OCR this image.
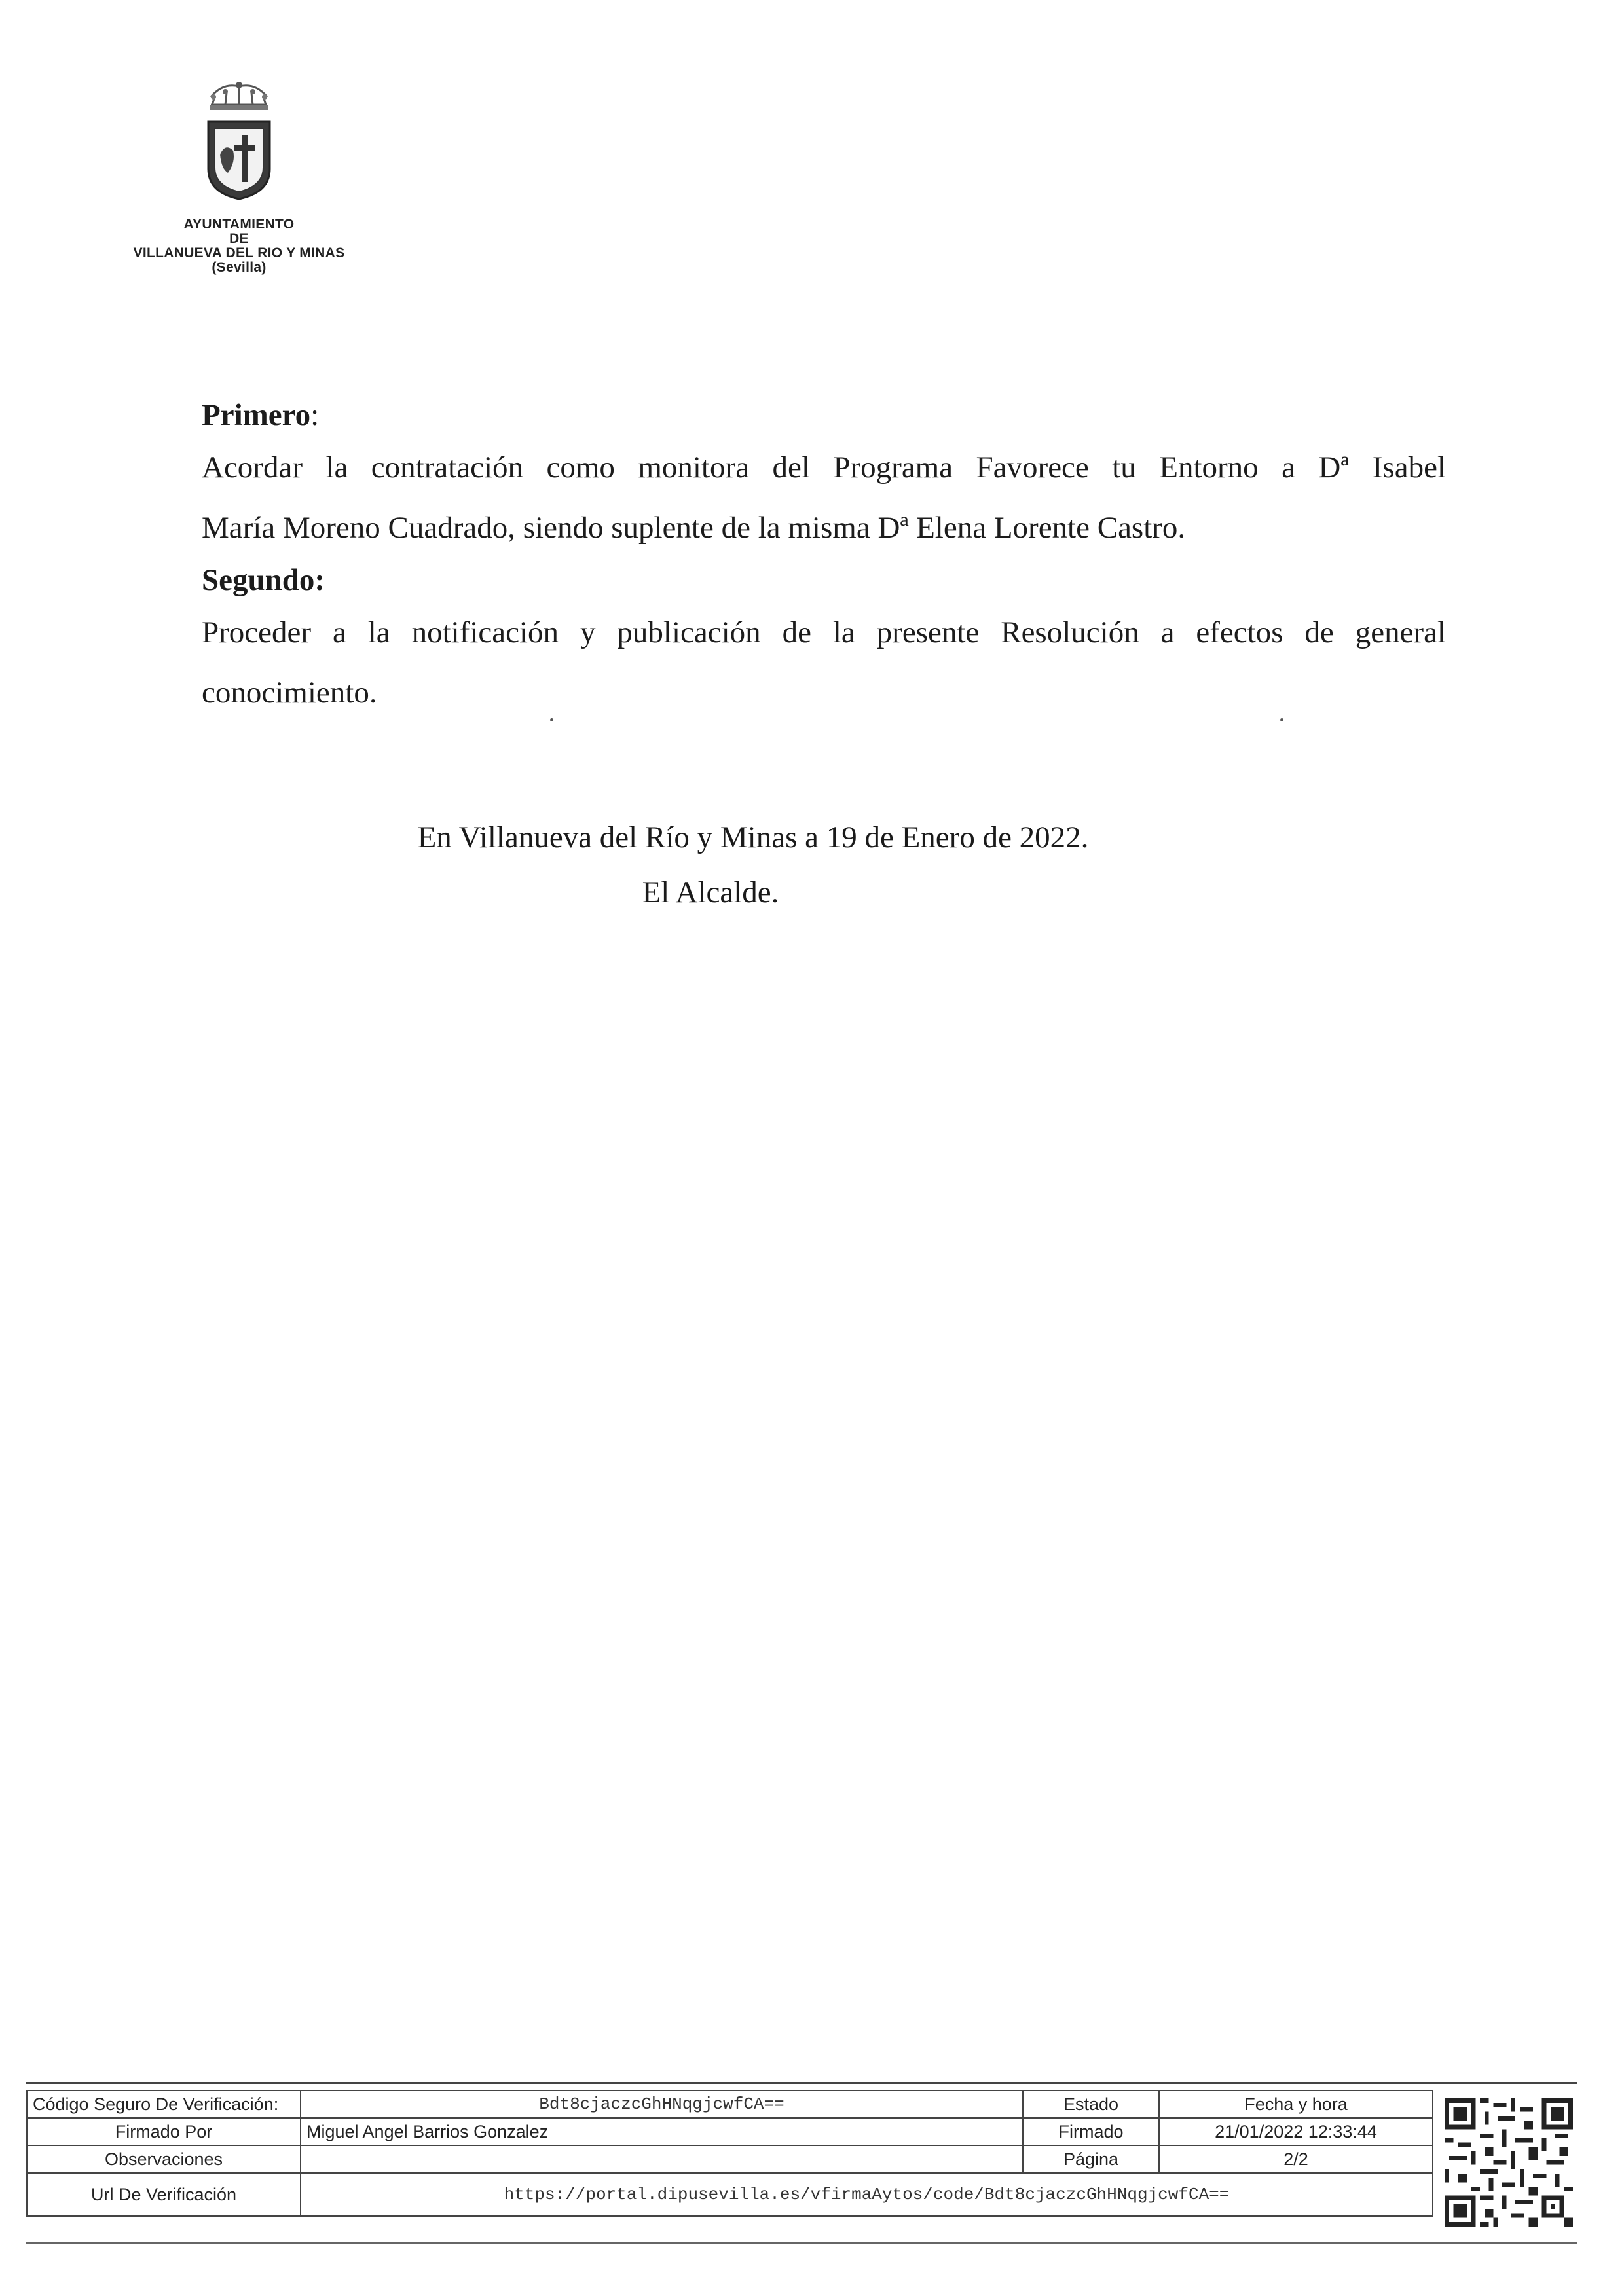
AYUNTAMIENTO
DE
VILLANUEVA DEL RIO Y MINAS
(Sevilla)
Primero:
Acordar la contratación como monitora del Programa Favorece tu Entorno a Dª Isabel
María Moreno Cuadrado, siendo suplente de la misma Dª Elena Lorente Castro.
Segundo:
Proceder a la notificación y publicación de la presente Resolución a efectos de general
conocimiento.
En Villanueva del Río y Minas a 19 de Enero de 2022.
El Alcalde.
Código Seguro De Verificación:	Bdt8cjaczcGhHNqgjcwfCA==	Estado	Fecha y hora
Firmado Por	Miguel Angel Barrios Gonzalez	Firmado	21/01/2022 12:33:44
Observaciones		Página	2/2
Url De Verificación	https://portal.dipusevilla.es/vfirmaAytos/code/Bdt8cjaczcGhHNqgjcwfCA==		
